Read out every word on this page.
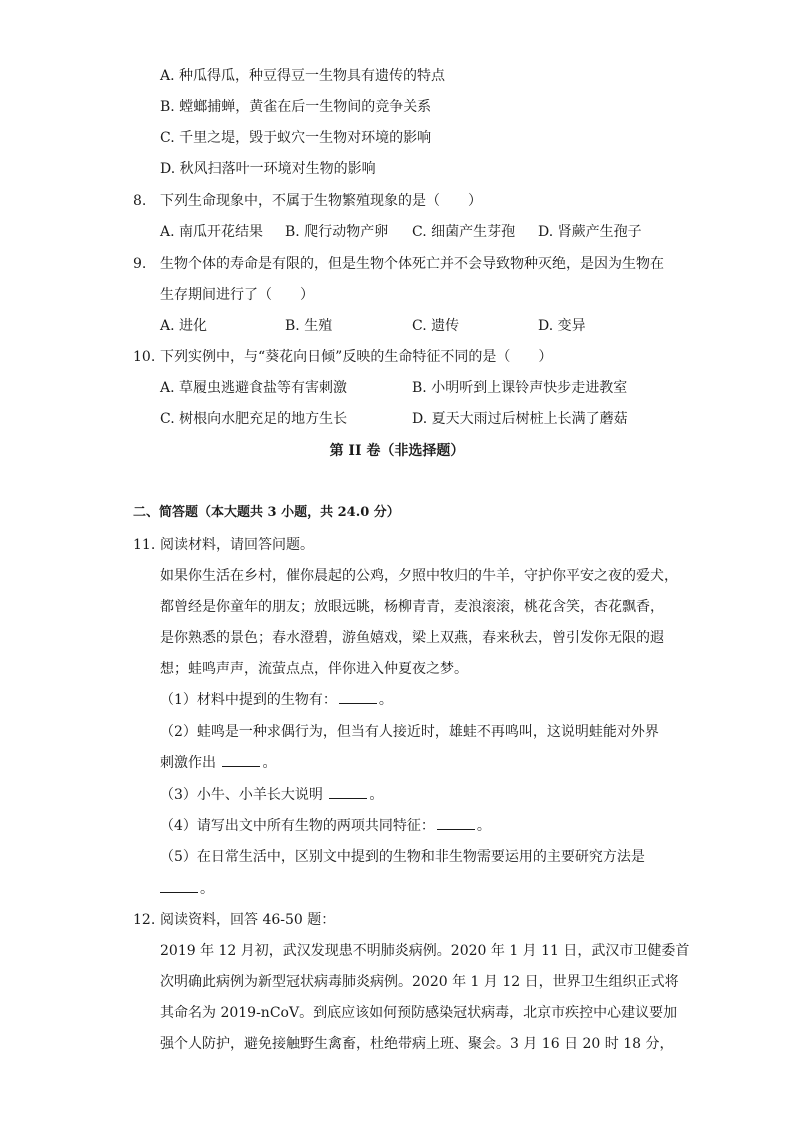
A. 种瓜得瓜，种豆得豆一生物具有遗传的特点
B. 螳螂捕蝉，黄雀在后一生物间的竞争关系
C. 千里之堤，毁于蚁穴一生物对环境的影响
D. 秋风扫落叶一环境对生物的影响
8. 下列生命现象中，不属于生物繁殖现象的是（　　）
A. 南瓜开花结果 B. 爬行动物产卵 C. 细菌产生芽孢 D. 肾蕨产生孢子
9. 生物个体的寿命是有限的，但是生物个体死亡并不会导致物种灭绝，是因为生物在
生存期间进行了（　　）
A. 进化	B. 生殖	C. 遗传	D. 变异
10. 下列实例中，与“葵花向日倾”反映的生命特征不同的是（　　）
A. 草履虫逃避食盐等有害刺激	B. 小明听到上课铃声快步走进教室
C. 树根向水肥充足的地方生长	D. 夏天大雨过后树桩上长满了蘑菇
第 II 卷（非选择题）
二、简答题（本大题共 3 小题，共 24.0 分）
11. 阅读材料，请回答问题。
如果你生活在乡村，催你晨起的公鸡，夕照中牧归的牛羊，守护你平安之夜的爱犬，
都曾经是你童年的朋友；放眼远眺，杨柳青青，麦浪滚滚，桃花含笑，杏花飘香，
是你熟悉的景色；春水澄碧，游鱼嬉戏，梁上双燕，春来秋去，曾引发你无限的遐
想；蛙鸣声声，流萤点点，伴你进入仲夏夜之梦。
（1）材料中提到的生物有：	。
（2）蛙鸣是一种求偶行为，但当有人接近时，雄蛙不再鸣叫，这说明蛙能对外界
刺激作出	。
（3）小牛、小羊长大说明	。
（4）请写出文中所有生物的两项共同特征：	。
（5）在日常生活中，区别文中提到的生物和非生物需要运用的主要研究方法是
。
12. 阅读资料，回答 46-50 题：
2019 年 12 月初，武汉发现患不明肺炎病例。2020 年 1 月 11 日，武汉市卫健委首
次明确此病例为新型冠状病毒肺炎病例。2020 年 1 月 12 日，世界卫生组织正式将
其命名为 2019-nCoV。到底应该如何预防感染冠状病毒，北京市疾控中心建议要加
强个人防护，避免接触野生禽畜，杜绝带病上班、聚会。3 月 16 日 20 时 18 分，
